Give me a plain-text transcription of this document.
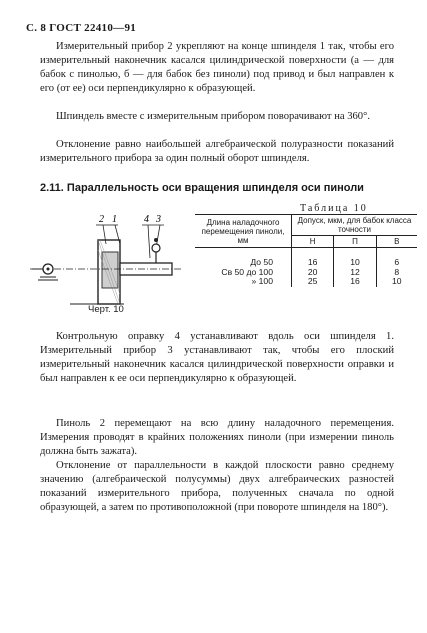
С. 8 ГОСТ 22410—91

Измерительный прибор 2 укрепляют на конце шпинделя 1 так, чтобы его измерительный наконечник касался цилиндрической поверхности (а — для бабок с пинолью, б — для бабок без пиноли) под привод и был направлен к его (от ее) оси перпендикулярно к образующей.

Шпиндель вместе с измерительным прибором поворачивают на 360°.

Отклонение равно наибольшей алгебраической полуразности показаний измерительного прибора за один полный оборот шпинделя.

2.11. Параллельность оси вращения шпинделя оси пиноли
Таблица 10
2 1	4 3
Черт. 10
Длина наладочного перемещения пиноли, мм	Допуск, мкм, для бабок класса точности		
	Н	П	В

До 50	16	10	6
Св 50 до 100	20	12	8
» 100	25	16	10

Контрольную оправку 4 устанавливают вдоль оси шпинделя 1. Измерительный прибор 3 устанавливают так, чтобы его плоский измерительный наконечник касался цилиндрической поверхности оправки и был направлен к ее оси перпендикулярно к образующей.

Пиноль 2 перемещают на всю длину наладочного перемещения. Измерения проводят в крайних положениях пиноли (при измерении пиноль должна быть зажата).

Отклонение от параллельности в каждой плоскости равно среднему значению (алгебраической полусуммы) двух алгебраических разностей показаний измерительного прибора, полученных сначала по одной образующей, а затем по противоположной (при повороте шпинделя на 180°).
